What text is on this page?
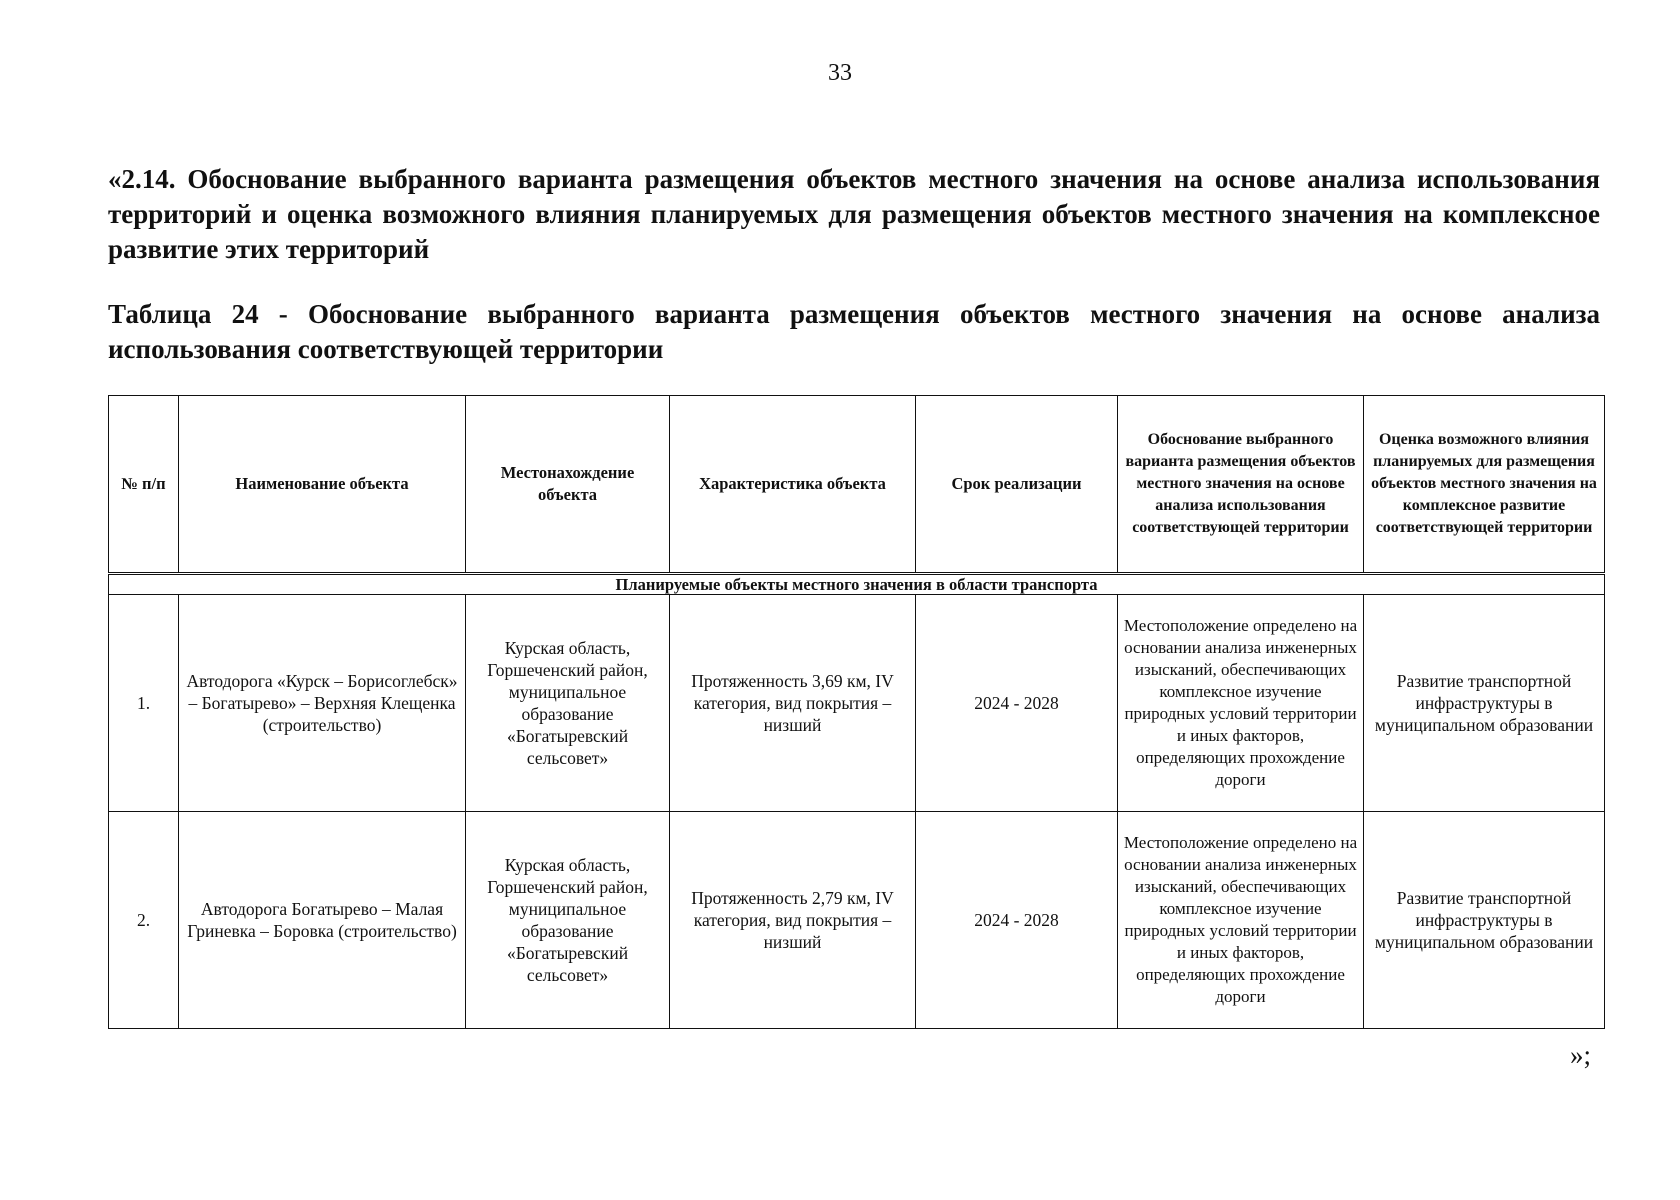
33
«2.14. Обоснование выбранного варианта размещения объектов местного значения на основе анализа использования территорий и оценка возможного влияния планируемых для размещения объектов местного значения на комплексное развитие этих территорий
Таблица 24 - Обоснование выбранного варианта размещения объектов местного значения на основе анализа использования соответствующей территории
№ п/п	Наименование объекта	Местонахождение объекта	Характеристика объекта	Срок реализации	Обоснование выбранного варианта размещения объектов местного значения на основе анализа использования соответствующей территории	Оценка возможного влияния планируемых для размещения объектов местного значения на комплексное развитие соответствующей территории
Планируемые объекты местного значения в области транспорта						
1.	Автодорога «Курск – Борисоглебск» – Богатырево» – Верхняя Клещенка (строительство)	Курская область, Горшеченский район, муниципальное образование «Богатыревский сельсовет»	Протяженность 3,69 км, IV категория, вид покрытия – низший	2024 - 2028	Местоположение определено на основании анализа инженерных изысканий, обеспечивающих комплексное изучение природных условий территории и иных факторов, определяющих прохождение дороги	Развитие транспортной инфраструктуры в муниципальном образовании
2.	Автодорога Богатырево – Малая Гриневка – Боровка (строительство)	Курская область, Горшеченский район, муниципальное образование «Богатыревский сельсовет»	Протяженность 2,79 км, IV категория, вид покрытия – низший	2024 - 2028	Местоположение определено на основании анализа инженерных изысканий, обеспечивающих комплексное изучение природных условий территории и иных факторов, определяющих прохождение дороги	Развитие транспортной инфраструктуры в муниципальном образовании
»;
